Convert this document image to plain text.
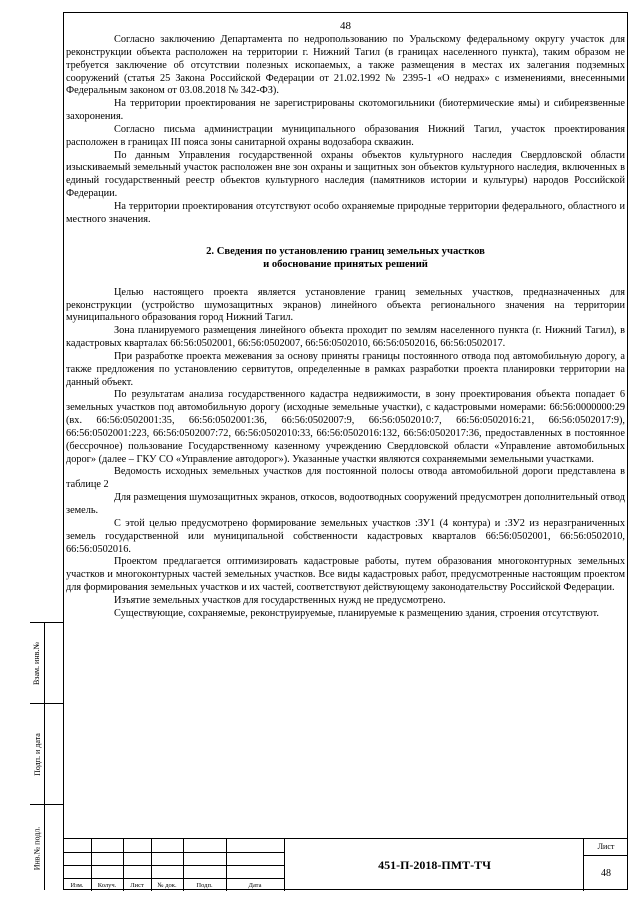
48

Согласно заключению Департамента по недропользованию по Уральскому федеральному округу участок для реконструкции объекта расположен на территории г. Нижний Тагил (в границах населенного пункта), таким образом не требуется заключение об отсутствии полезных ископаемых, а также размещения в местах их залегания подземных сооружений (статья 25 Закона Российской Федерации от 21.02.1992 № 2395-1 «О недрах» с изменениями, внесенными Федеральным законом от 03.08.2018 № 342-ФЗ).

На территории проектирования не зарегистрированы скотомогильники (биотермические ямы) и сибиреязвенные захоронения.

Согласно письма администрации муниципального образования Нижний Тагил, участок проектирования расположен в границах III пояса зоны санитарной охраны водозабора скважин.

По данным Управления государственной охраны объектов культурного наследия Свердловской области изыскиваемый земельный участок расположен вне зон охраны и защитных зон объектов культурного наследия, включенных в единый государственный реестр объектов культурного наследия (памятников истории и культуры) народов Российской Федерации.

На территории проектирования отсутствуют особо охраняемые природные территории федерального, областного и местного значения.

2. Сведения по установлению границ земельных участков
и обоснование принятых решений

Целью настоящего проекта является установление границ земельных участков, предназначенных для реконструкции (устройство шумозащитных экранов) линейного объекта регионального значения на территории муниципального образования город Нижний Тагил.

Зона планируемого размещения линейного объекта проходит по землям населенного пункта (г. Нижний Тагил), в кадастровых кварталах 66:56:0502001, 66:56:0502007, 66:56:0502010, 66:56:0502016, 66:56:0502017.

При разработке проекта межевания за основу приняты границы постоянного отвода под автомобильную дорогу, а также предложения по установлению сервитутов, определенные в рамках разработки проекта планировки территории на данный объект.

По результатам анализа государственного кадастра недвижимости, в зону проектирования объекта попадает 6 земельных участков под автомобильную дорогу (исходные земельные участки), с кадастровыми номерами: 66:56:0000000:29 (вх. 66:56:0502001:35, 66:56:0502001:36, 66:56:0502007:9, 66:56:0502010:7, 66:56:0502016:21, 66:56:0502017:9), 66:56:0502001:223, 66:56:0502007:72, 66:56:0502010:33, 66:56:0502016:132, 66:56:0502017:36, предоставленных в постоянное (бессрочное) пользование Государственному казенному учреждению Свердловской области «Управление автомобильных дорог» (далее – ГКУ СО «Управление автодорог»). Указанные участки являются сохраняемыми земельными участками.

Ведомость исходных земельных участков для постоянной полосы отвода автомобильной дороги представлена в таблице 2

Для размещения шумозащитных экранов, откосов, водоотводных сооружений предусмотрен дополнительный отвод земель.

С этой целью предусмотрено формирование земельных участков :ЗУ1 (4 контура) и :ЗУ2 из неразграниченных земель государственной или муниципальной собственности кадастровых кварталов 66:56:0502001, 66:56:0502010, 66:56:0502016.

Проектом предлагается оптимизировать кадастровые работы, путем образования многоконтурных земельных участков и многоконтурных частей земельных участков. Все виды кадастровых работ, предусмотренные настоящим проектом для формирования земельных участков и их частей, соответствуют действующему законодательству Российской Федерации.

Изъятие земельных участков для государственных нужд не предусмотрено.

Существующие, сохраняемые, реконструируемые, планируемые к размещению здания, строения отсутствуют.

Взам. инв.№
Подп. и дата
Инв.№ подл.
Изм.	Колуч.	Лист	№ док.	Подп.	Дата
451-П-2018-ПМТ-ТЧ
Лист
48
